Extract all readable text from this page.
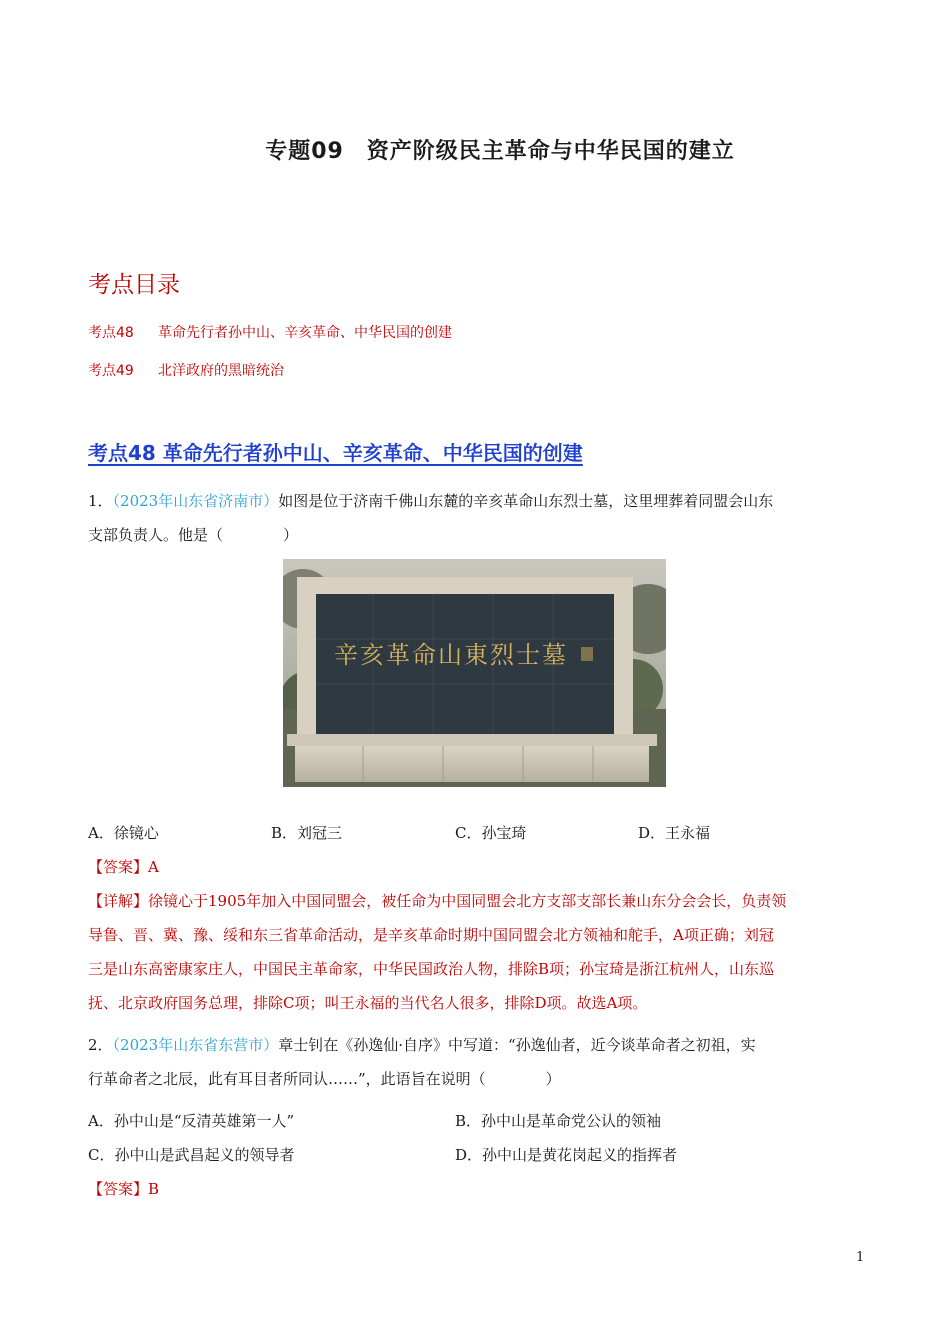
专题09　资产阶级民主革命与中华民国的建立
考点目录
考点48 革命先行者孙中山、辛亥革命、中华民国的创建
考点49 北洋政府的黑暗统治
考点48 革命先行者孙中山、辛亥革命、中华民国的创建
1．（2023年山东省济南市）如图是位于济南千佛山东麓的辛亥革命山东烈士墓，这里埋葬着同盟会山东
支部负责人。他是（　　　　）
辛亥革命山東烈士墓
A．徐镜心	B．刘冠三	C．孙宝琦	D．王永福
【答案】A
【详解】徐镜心于1905年加入中国同盟会，被任命为中国同盟会北方支部支部长兼山东分会会长，负责领
导鲁、晋、冀、豫、绥和东三省革命活动，是辛亥革命时期中国同盟会北方领袖和舵手，A项正确；刘冠
三是山东高密康家庄人，中国民主革命家，中华民国政治人物，排除B项；孙宝琦是浙江杭州人，山东巡
抚、北京政府国务总理，排除C项；叫王永福的当代名人很多，排除D项。故选A项。
2．（2023年山东省东营市）章士钊在《孙逸仙·自序》中写道：“孙逸仙者，近今谈革命者之初祖，实
行革命者之北辰，此有耳目者所同认……”，此语旨在说明（　　　　）
A．孙中山是“反清英雄第一人”	B．孙中山是革命党公认的领袖
C．孙中山是武昌起义的领导者	D．孙中山是黄花岗起义的指挥者
【答案】B
1
